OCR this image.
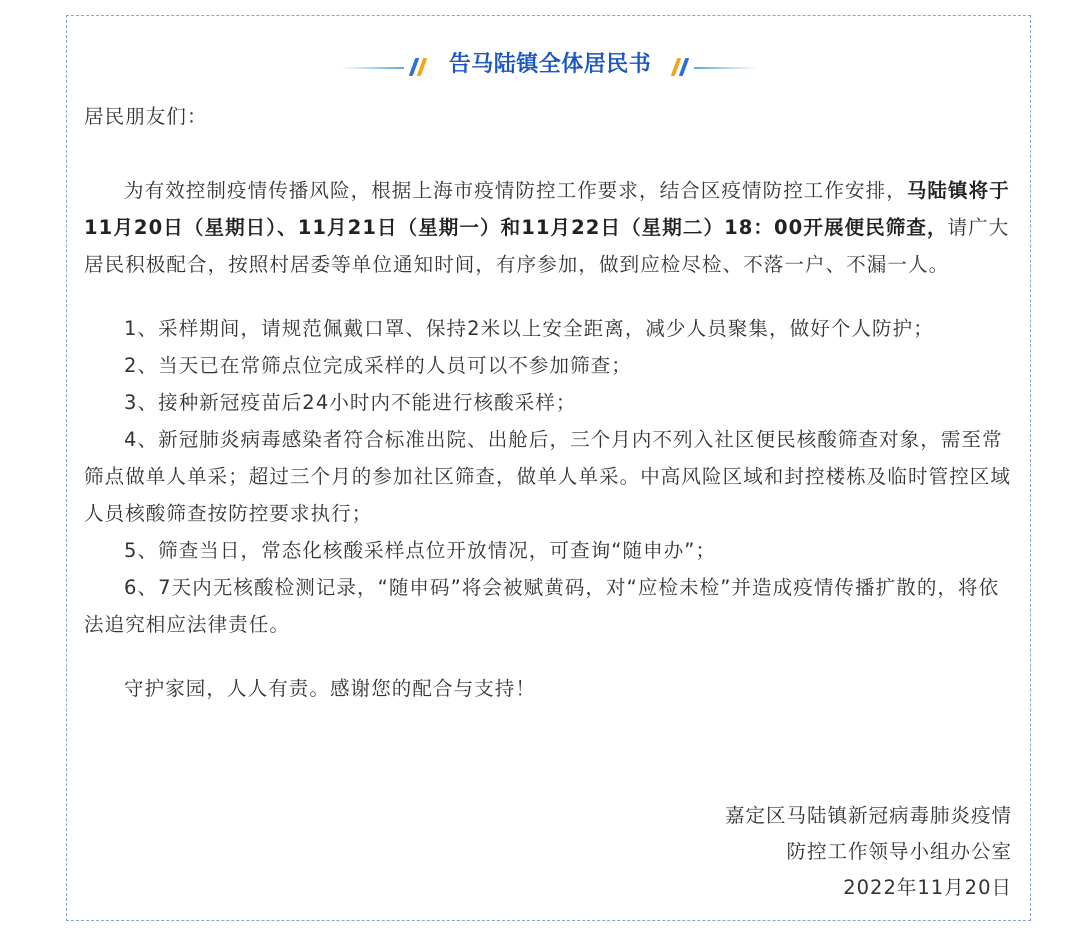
告马陆镇全体居民书

居民朋友们：

为有效控制疫情传播风险，根据上海市疫情防控工作要求，结合区疫情防控工作安排，马陆镇将于11月20日（星期日）、11月21日（星期一）和11月22日（星期二）18：00开展便民筛查，请广大居民积极配合，按照村居委等单位通知时间，有序参加，做到应检尽检、不落一户、不漏一人。

1、采样期间，请规范佩戴口罩、保持2米以上安全距离，减少人员聚集，做好个人防护；

2、当天已在常筛点位完成采样的人员可以不参加筛查；

3、接种新冠疫苗后24小时内不能进行核酸采样；

4、新冠肺炎病毒感染者符合标准出院、出舱后，三个月内不列入社区便民核酸筛查对象，需至常筛点做单人单采；超过三个月的参加社区筛查，做单人单采。中高风险区域和封控楼栋及临时管控区域人员核酸筛查按防控要求执行；

5、筛查当日，常态化核酸采样点位开放情况，可查询“随申办”；

6、7天内无核酸检测记录，“随申码”将会被赋黄码，对“应检未检”并造成疫情传播扩散的，将依法追究相应法律责任。

守护家园，人人有责。感谢您的配合与支持！

嘉定区马陆镇新冠病毒肺炎疫情
防控工作领导小组办公室
2022年11月20日
